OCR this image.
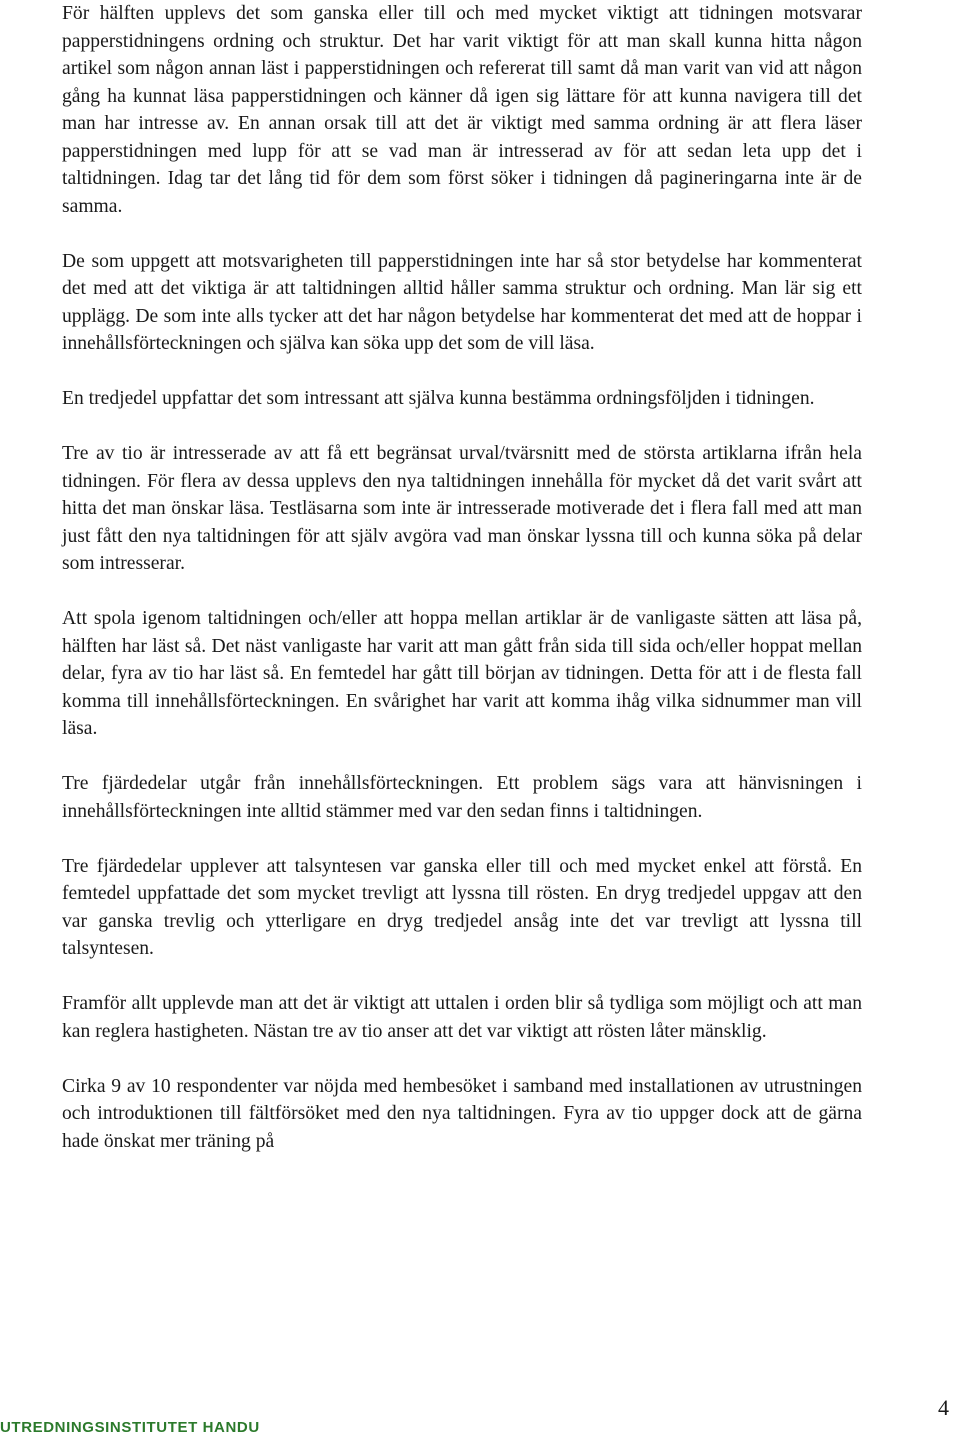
För hälften upplevs det som ganska eller till och med mycket viktigt att tidningen motsvarar papperstidningens ordning och struktur. Det har varit viktigt för att man skall kunna hitta någon artikel som någon annan läst i papperstidningen och refererat till samt då man varit van vid att någon gång ha kunnat läsa papperstidningen och känner då igen sig lättare för att kunna navigera till det man har intresse av. En annan orsak till att det är viktigt med samma ordning är att flera läser papperstidningen med lupp för att se vad man är intresserad av för att sedan leta upp det i taltidningen. Idag tar det lång tid för dem som först söker i tidningen då pagineringarna inte är de samma.

De som uppgett att motsvarigheten till papperstidningen inte har så stor betydelse har kommenterat det med att det viktiga är att taltidningen alltid håller samma struktur och ordning. Man lär sig ett upplägg. De som inte alls tycker att det har någon betydelse har kommenterat det med att de hoppar i innehållsförteckningen och själva kan söka upp det som de vill läsa.

En tredjedel uppfattar det som intressant att själva kunna bestämma ordningsföljden i tidningen.

Tre av tio är intresserade av att få ett begränsat urval/tvärsnitt med de största artiklarna ifrån hela tidningen. För flera av dessa upplevs den nya taltidningen innehålla för mycket då det varit svårt att hitta det man önskar läsa. Testläsarna som inte är intresserade motiverade det i flera fall med att man just fått den nya taltidningen för att själv avgöra vad man önskar lyssna till och kunna söka på delar som intresserar.

Att spola igenom taltidningen och/eller att hoppa mellan artiklar är de vanligaste sätten att läsa på, hälften har läst så. Det näst vanligaste har varit att man gått från sida till sida och/eller hoppat mellan delar, fyra av tio har läst så. En femtedel har gått till början av tidningen. Detta för att i de flesta fall komma till innehållsförteckningen. En svårighet har varit att komma ihåg vilka sidnummer man vill läsa.

Tre fjärdedelar utgår från innehållsförteckningen. Ett problem sägs vara att hänvisningen i innehållsförteckningen inte alltid stämmer med var den sedan finns i taltidningen.

Tre fjärdedelar upplever att talsyntesen var ganska eller till och med mycket enkel att förstå. En femtedel uppfattade det som mycket trevligt att lyssna till rösten. En dryg tredjedel uppgav att den var ganska trevlig och ytterligare en dryg tredjedel ansåg inte det var trevligt att lyssna till talsyntesen.

Framför allt upplevde man att det är viktigt att uttalen i orden blir så tydliga som möjligt och att man kan reglera hastigheten. Nästan tre av tio anser att det var viktigt att rösten låter mänsklig.

Cirka 9 av 10 respondenter var nöjda med hembesöket i samband med installationen av utrustningen och introduktionen till fältförsöket med den nya taltidningen. Fyra av tio uppger dock att de gärna hade önskat mer träning på

UTREDNINGSINSTITUTET HANDU
4
